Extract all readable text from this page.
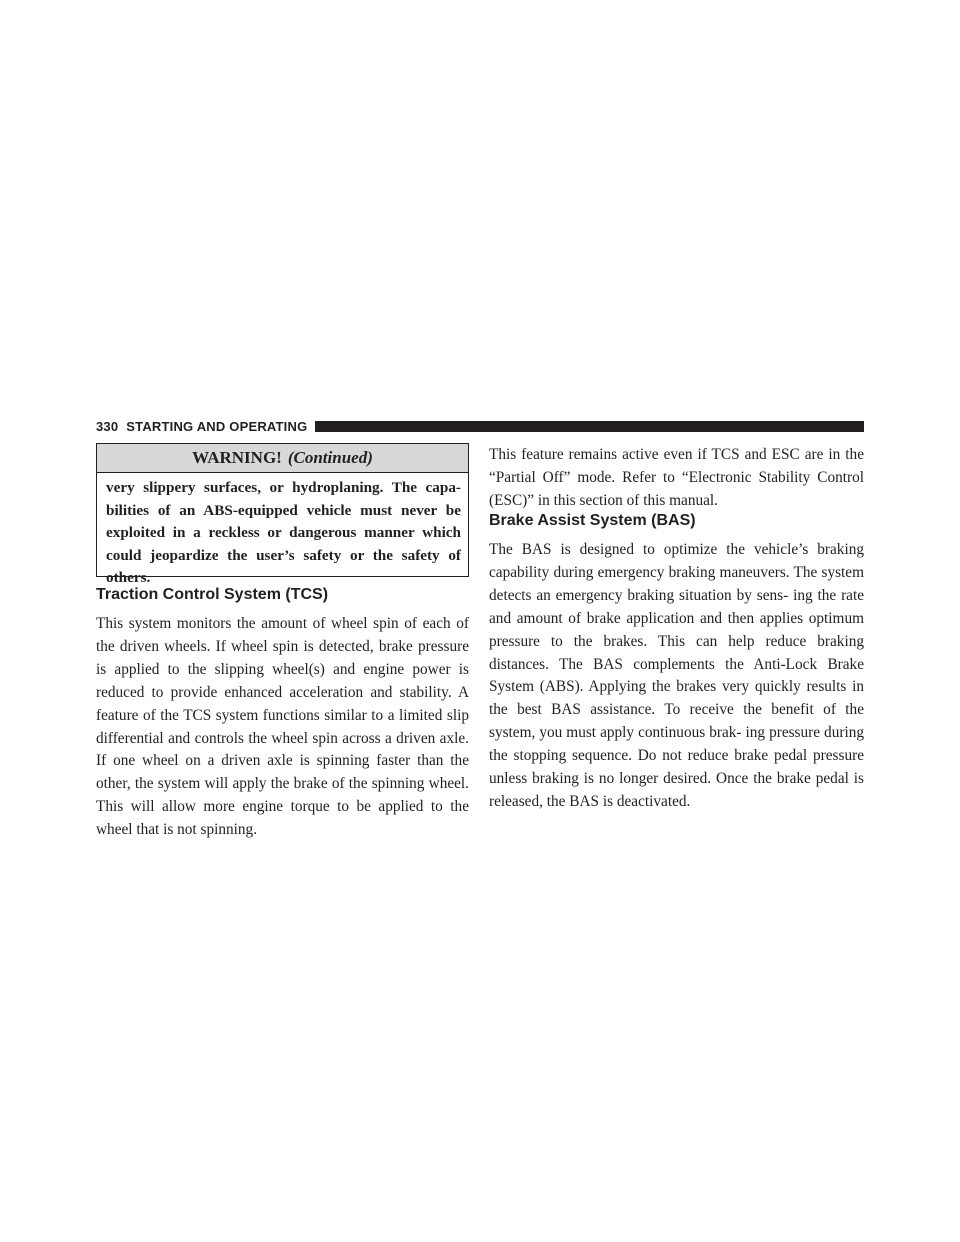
330 STARTING AND OPERATING
WARNING! (Continued)
very slippery surfaces, or hydroplaning. The capa- bilities of an ABS-equipped vehicle must never be exploited in a reckless or dangerous manner which could jeopardize the user’s safety or the safety of others.
Traction Control System (TCS)

This system monitors the amount of wheel spin of each of the driven wheels. If wheel spin is detected, brake pressure is applied to the slipping wheel(s) and engine power is reduced to provide enhanced acceleration and stability. A feature of the TCS system functions similar to a limited slip differential and controls the wheel spin across a driven axle. If one wheel on a driven axle is spinning faster than the other, the system will apply the brake of the spinning wheel. This will allow more engine torque to be applied to the wheel that is not spinning.

This feature remains active even if TCS and ESC are in the “Partial Off” mode. Refer to “Electronic Stability Control (ESC)” in this section of this manual.

Brake Assist System (BAS)

The BAS is designed to optimize the vehicle’s braking capability during emergency braking maneuvers. The system detects an emergency braking situation by sens- ing the rate and amount of brake application and then applies optimum pressure to the brakes. This can help reduce braking distances. The BAS complements the Anti-Lock Brake System (ABS). Applying the brakes very quickly results in the best BAS assistance. To receive the benefit of the system, you must apply continuous brak- ing pressure during the stopping sequence. Do not reduce brake pedal pressure unless braking is no longer desired. Once the brake pedal is released, the BAS is deactivated.
